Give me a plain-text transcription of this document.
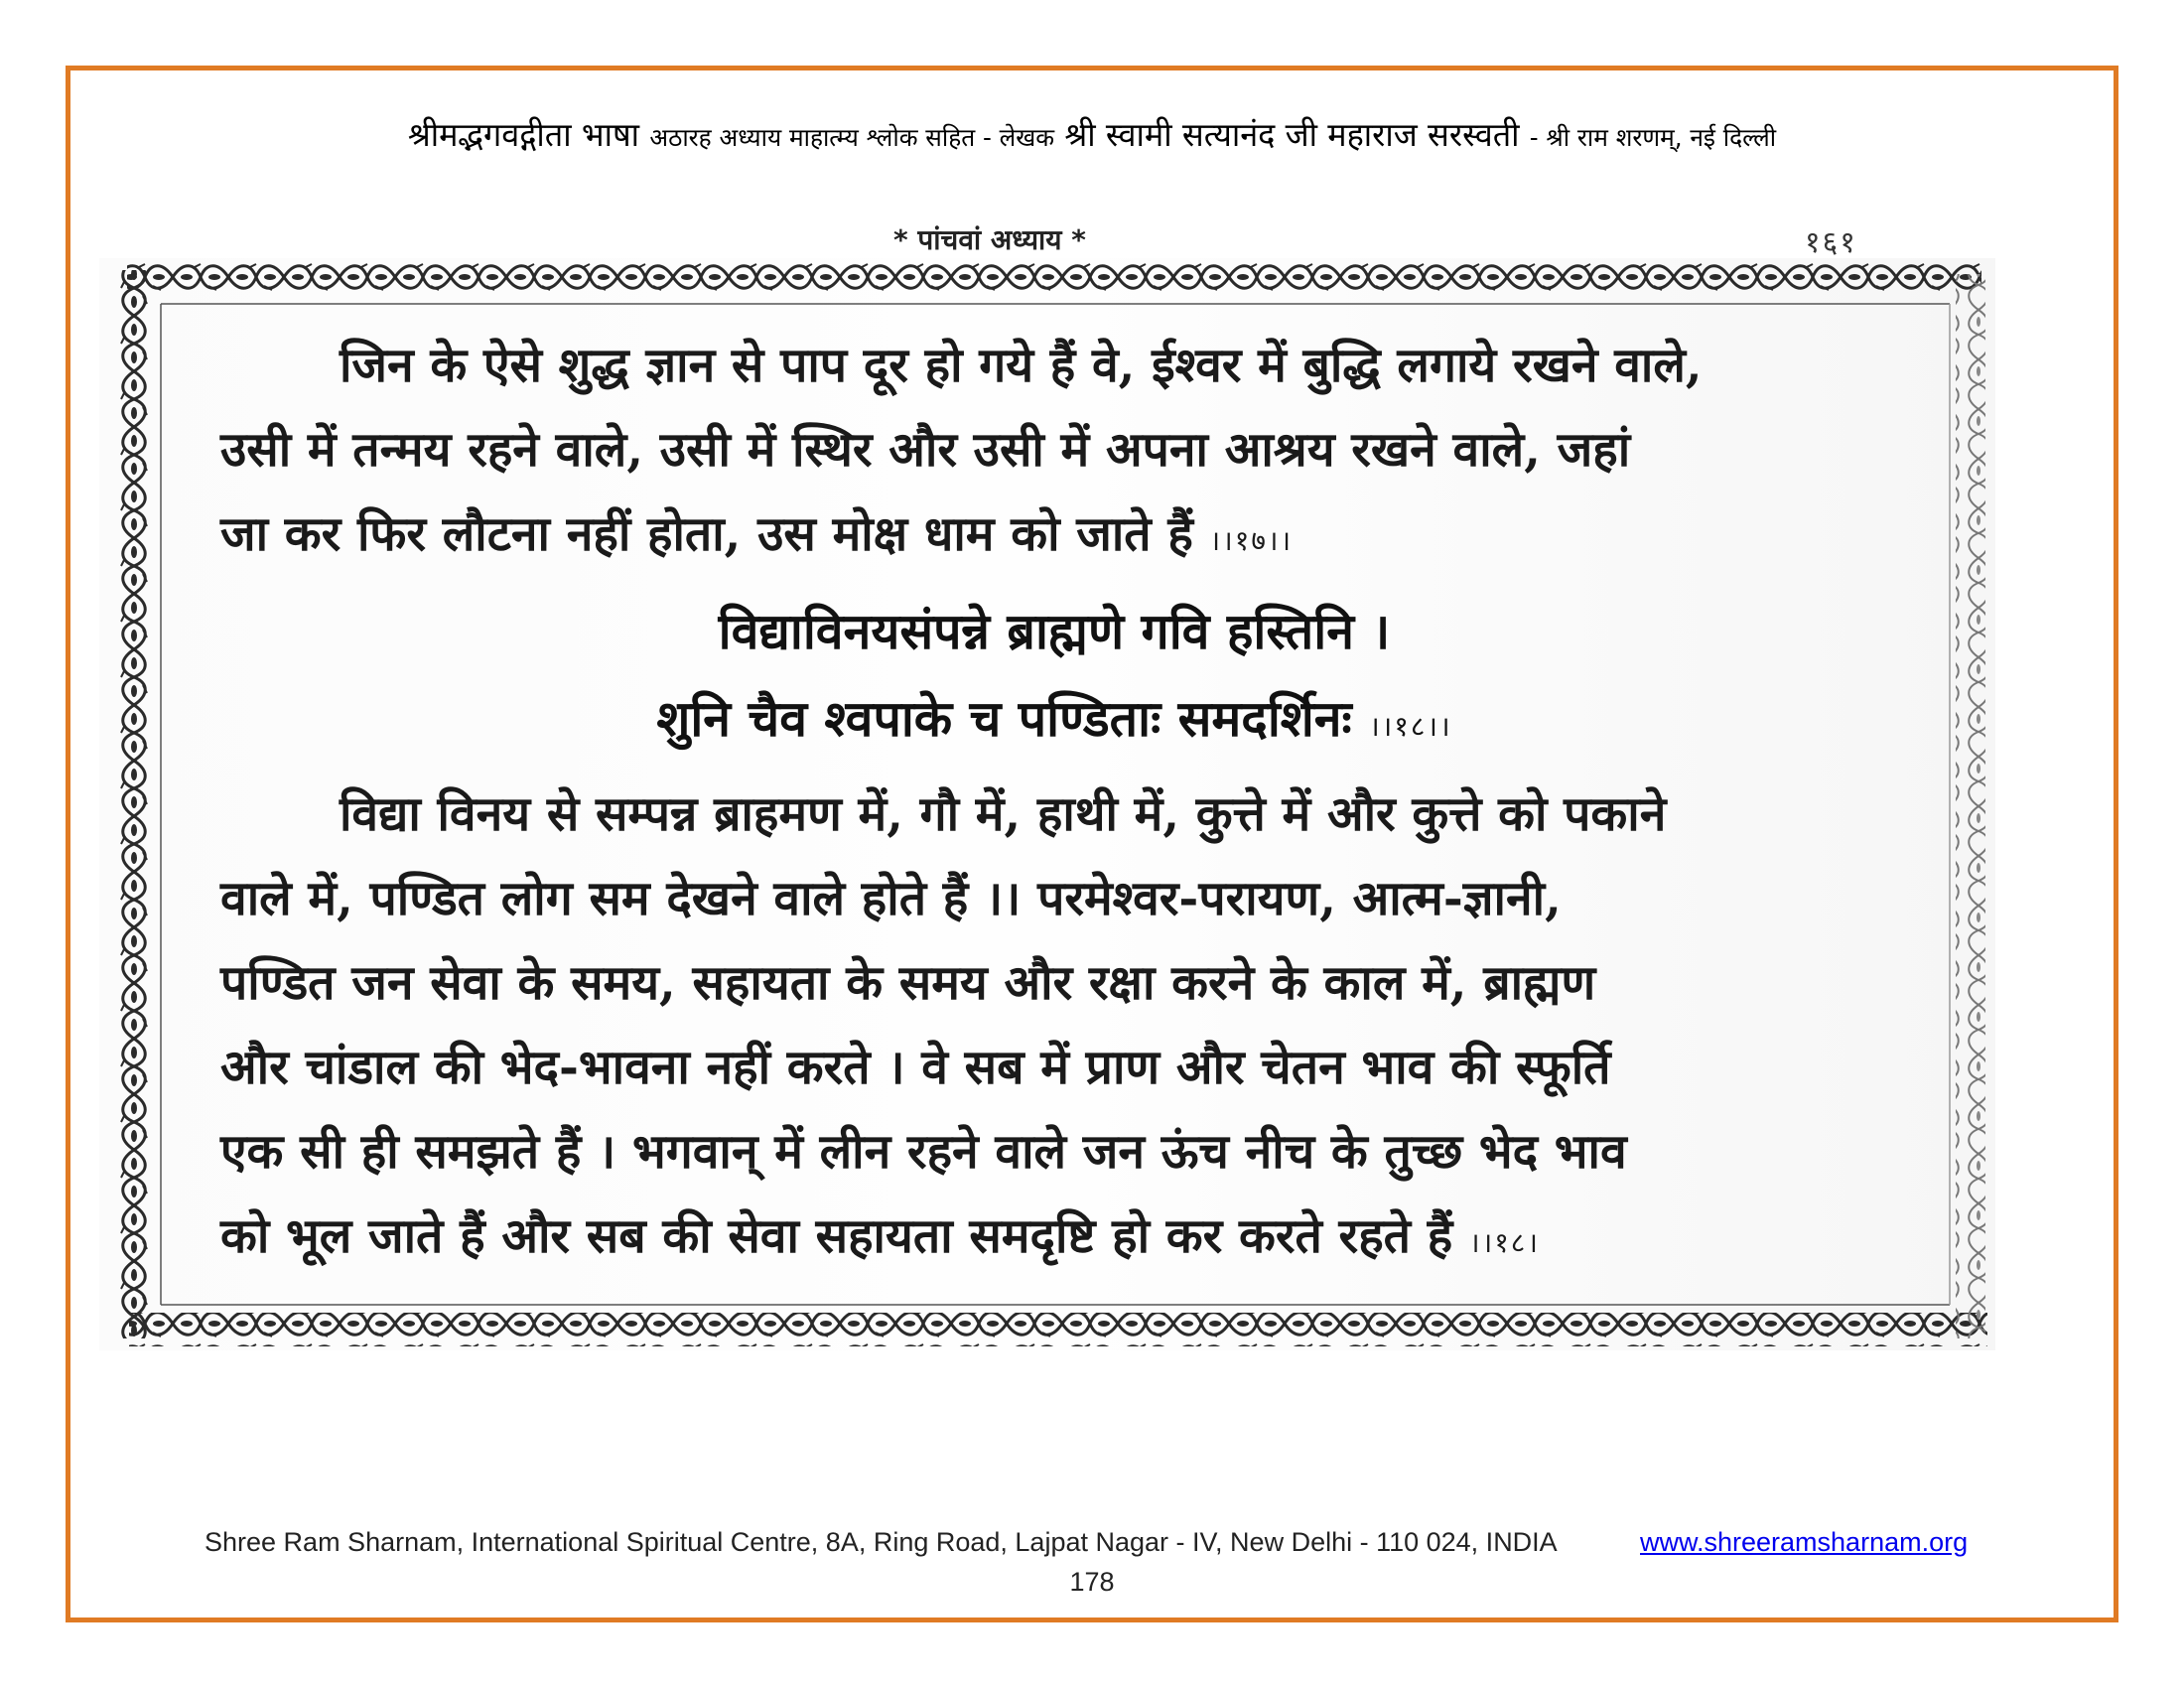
श्रीमद्भगवद्गीता भाषा अठारह अध्याय माहात्म्य श्लोक सहित - लेखक श्री स्वामी सत्यानंद जी महाराज सरस्वती - श्री राम शरणम्, नई दिल्ली
* पांचवां अध्याय *	१६१
जिन के ऐसे शुद्ध ज्ञान से पाप दूर हो गये हैं वे, ईश्वर में बुद्धि लगाये रखने वाले,
उसी में तन्मय रहने वाले, उसी में स्थिर और उसी में अपना आश्रय रखने वाले, जहां
जा कर फिर लौटना नहीं होता, उस मोक्ष धाम को जाते हैं ।।१७।।
विद्याविनयसंपन्ने ब्राह्मणे गवि हस्तिनि ।
शुनि चैव श्वपाके च पण्डिताः समदर्शिनः ।।१८।।
विद्या विनय से सम्पन्न ब्राहमण में, गौ में, हाथी में, कुत्ते में और कुत्ते को पकाने
वाले में, पण्डित लोग सम देखने वाले होते हैं ।। परमेश्वर-परायण, आत्म-ज्ञानी,
पण्डित जन सेवा के समय, सहायता के समय और रक्षा करने के काल में, ब्राह्मण
और चांडाल की भेद-भावना नहीं करते । वे सब में प्राण और चेतन भाव की स्फूर्ति
एक सी ही समझते हैं । भगवान् में लीन रहने वाले जन ऊंच नीच के तुच्छ भेद भाव
को भूल जाते हैं और सब की सेवा सहायता समदृष्टि हो कर करते रहते हैं ।।१८।
Shree Ram Sharnam, International Spiritual Centre, 8A, Ring Road, Lajpat Nagar - IV, New Delhi - 110 024, INDIA	www.shreeramsharnam.org
178
